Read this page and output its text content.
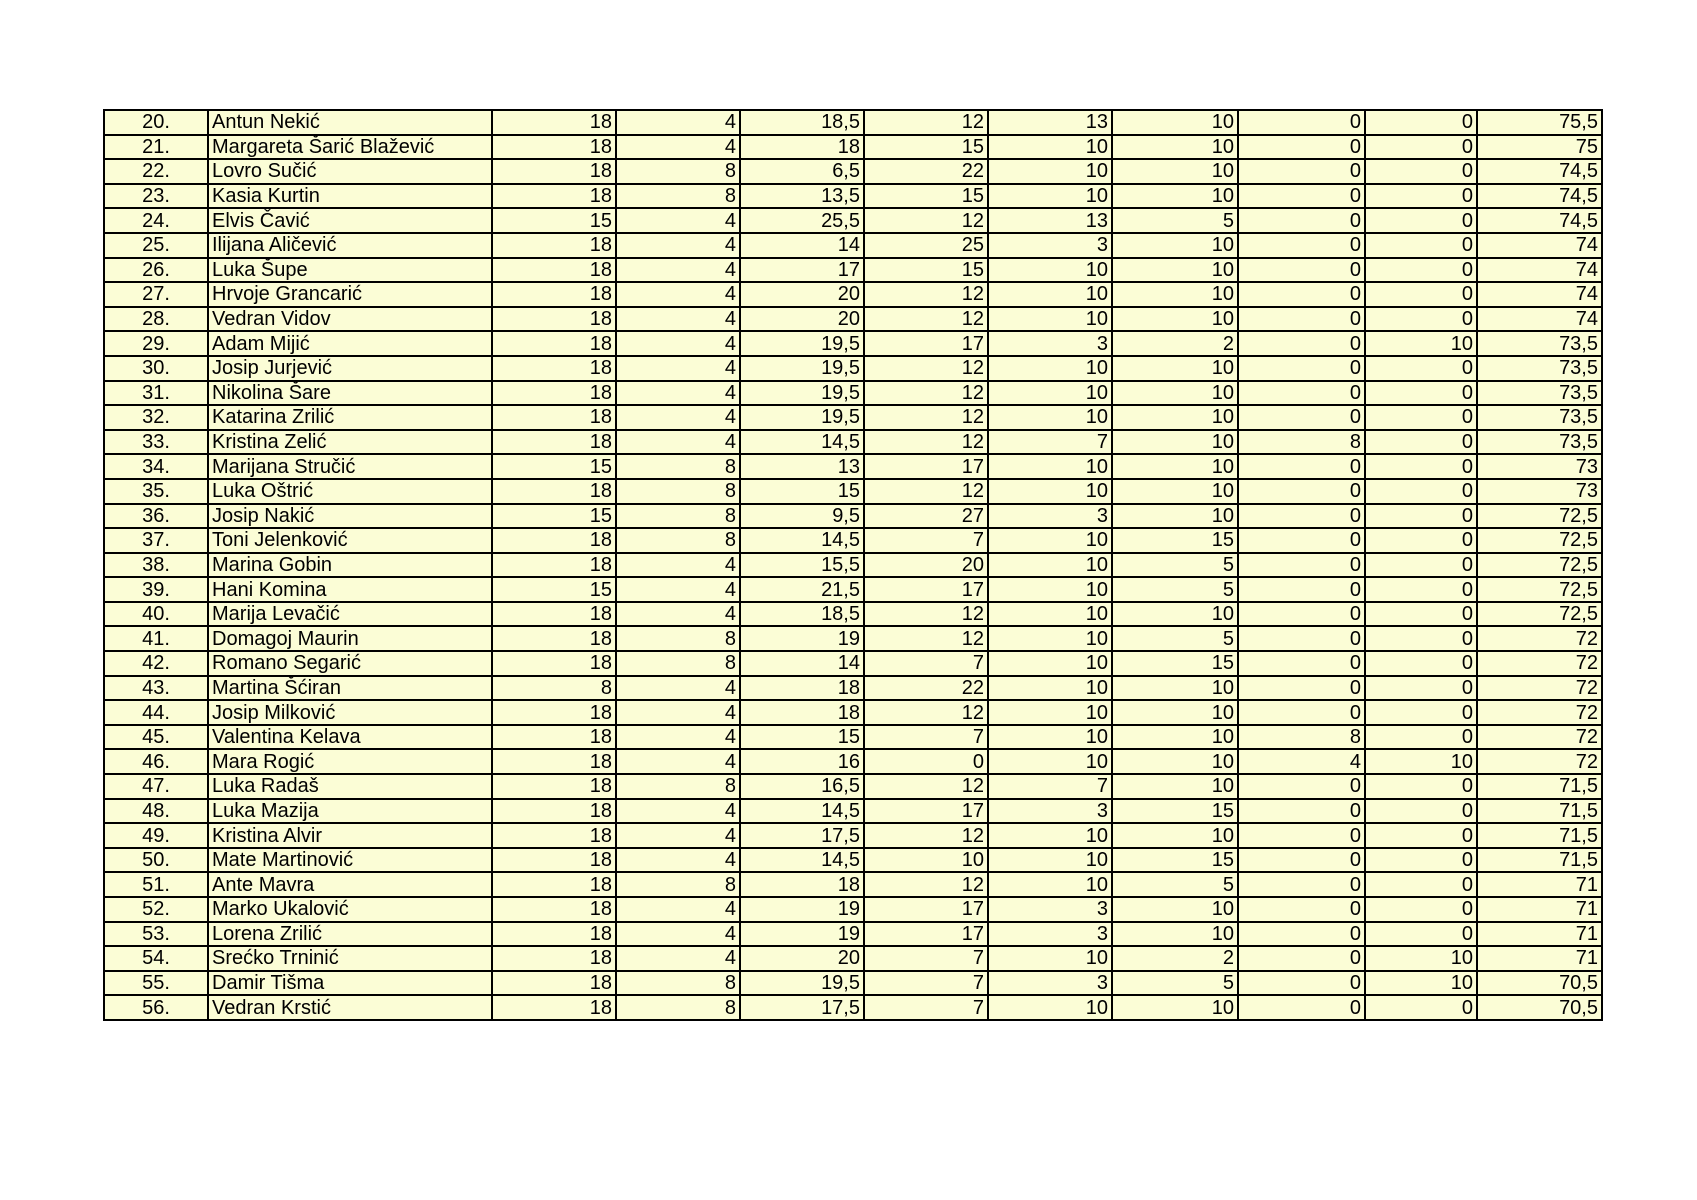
20.	Antun Nekić	18	4	18,5	12	13	10	0	0	75,5
21.	Margareta Šarić Blažević	18	4	18	15	10	10	0	0	75
22.	Lovro Sučić	18	8	6,5	22	10	10	0	0	74,5
23.	Kasia Kurtin	18	8	13,5	15	10	10	0	0	74,5
24.	Elvis Čavić	15	4	25,5	12	13	5	0	0	74,5
25.	Ilijana Aličević	18	4	14	25	3	10	0	0	74
26.	Luka Šupe	18	4	17	15	10	10	0	0	74
27.	Hrvoje Grancarić	18	4	20	12	10	10	0	0	74
28.	Vedran Vidov	18	4	20	12	10	10	0	0	74
29.	Adam Mijić	18	4	19,5	17	3	2	0	10	73,5
30.	Josip Jurjević	18	4	19,5	12	10	10	0	0	73,5
31.	Nikolina Šare	18	4	19,5	12	10	10	0	0	73,5
32.	Katarina Zrilić	18	4	19,5	12	10	10	0	0	73,5
33.	Kristina Zelić	18	4	14,5	12	7	10	8	0	73,5
34.	Marijana Stručić	15	8	13	17	10	10	0	0	73
35.	Luka Oštrić	18	8	15	12	10	10	0	0	73
36.	Josip Nakić	15	8	9,5	27	3	10	0	0	72,5
37.	Toni Jelenković	18	8	14,5	7	10	15	0	0	72,5
38.	Marina Gobin	18	4	15,5	20	10	5	0	0	72,5
39.	Hani Komina	15	4	21,5	17	10	5	0	0	72,5
40.	Marija Levačić	18	4	18,5	12	10	10	0	0	72,5
41.	Domagoj Maurin	18	8	19	12	10	5	0	0	72
42.	Romano Segarić	18	8	14	7	10	15	0	0	72
43.	Martina Šćiran	8	4	18	22	10	10	0	0	72
44.	Josip Milković	18	4	18	12	10	10	0	0	72
45.	Valentina Kelava	18	4	15	7	10	10	8	0	72
46.	Mara Rogić	18	4	16	0	10	10	4	10	72
47.	Luka Radaš	18	8	16,5	12	7	10	0	0	71,5
48.	Luka Mazija	18	4	14,5	17	3	15	0	0	71,5
49.	Kristina Alvir	18	4	17,5	12	10	10	0	0	71,5
50.	Mate Martinović	18	4	14,5	10	10	15	0	0	71,5
51.	Ante Mavra	18	8	18	12	10	5	0	0	71
52.	Marko Ukalović	18	4	19	17	3	10	0	0	71
53.	Lorena Zrilić	18	4	19	17	3	10	0	0	71
54.	Srećko Trninić	18	4	20	7	10	2	0	10	71
55.	Damir Tišma	18	8	19,5	7	3	5	0	10	70,5
56.	Vedran Krstić	18	8	17,5	7	10	10	0	0	70,5
